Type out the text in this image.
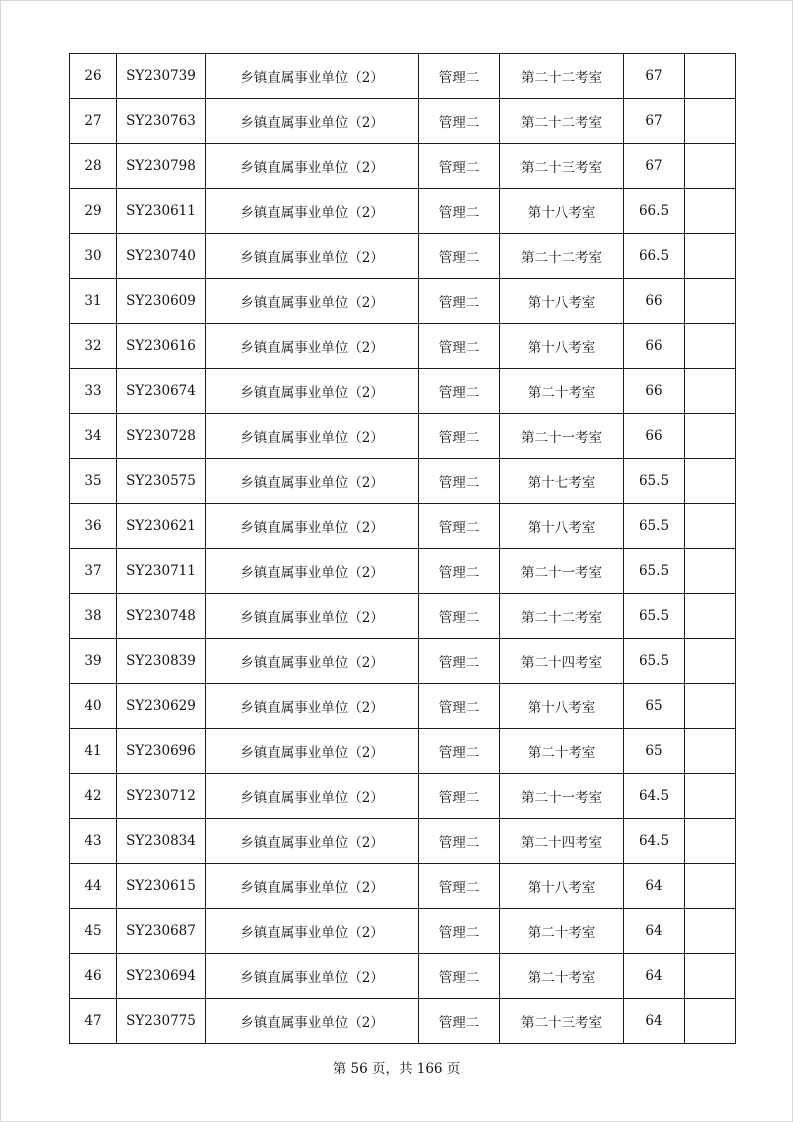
26	SY230739	乡镇直属事业单位（2）	管理二	第二十二考室	67	
27	SY230763	乡镇直属事业单位（2）	管理二	第二十二考室	67	
28	SY230798	乡镇直属事业单位（2）	管理二	第二十三考室	67	
29	SY230611	乡镇直属事业单位（2）	管理二	第十八考室	66.5	
30	SY230740	乡镇直属事业单位（2）	管理二	第二十二考室	66.5	
31	SY230609	乡镇直属事业单位（2）	管理二	第十八考室	66	
32	SY230616	乡镇直属事业单位（2）	管理二	第十八考室	66	
33	SY230674	乡镇直属事业单位（2）	管理二	第二十考室	66	
34	SY230728	乡镇直属事业单位（2）	管理二	第二十一考室	66	
35	SY230575	乡镇直属事业单位（2）	管理二	第十七考室	65.5	
36	SY230621	乡镇直属事业单位（2）	管理二	第十八考室	65.5	
37	SY230711	乡镇直属事业单位（2）	管理二	第二十一考室	65.5	
38	SY230748	乡镇直属事业单位（2）	管理二	第二十二考室	65.5	
39	SY230839	乡镇直属事业单位（2）	管理二	第二十四考室	65.5	
40	SY230629	乡镇直属事业单位（2）	管理二	第十八考室	65	
41	SY230696	乡镇直属事业单位（2）	管理二	第二十考室	65	
42	SY230712	乡镇直属事业单位（2）	管理二	第二十一考室	64.5	
43	SY230834	乡镇直属事业单位（2）	管理二	第二十四考室	64.5	
44	SY230615	乡镇直属事业单位（2）	管理二	第十八考室	64	
45	SY230687	乡镇直属事业单位（2）	管理二	第二十考室	64	
46	SY230694	乡镇直属事业单位（2）	管理二	第二十考室	64	
47	SY230775	乡镇直属事业单位（2）	管理二	第二十三考室	64	
第 56 页，共 166 页
